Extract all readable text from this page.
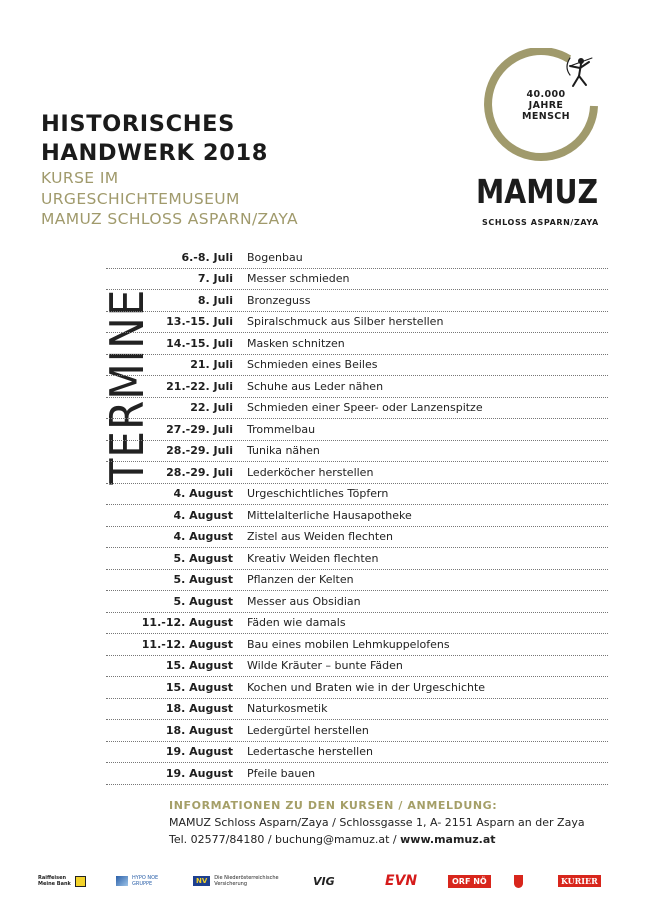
HISTORISCHES
HANDWERK 2018
KURSE IM
URGESCHICHTEMUSEUM
MAMUZ SCHLOSS ASPARN/ZAYA
40.000
JAHRE
MENSCH
MAMUZ
SCHLOSS ASPARN/ZAYA
TERMINE
6.-8. Juli Bogenbau
7. Juli Messer schmieden
8. Juli Bronzeguss
13.-15. Juli Spiralschmuck aus Silber herstellen
14.-15. Juli Masken schnitzen
21. Juli Schmieden eines Beiles
21.-22. Juli Schuhe aus Leder nähen
22. Juli Schmieden einer Speer- oder Lanzenspitze
27.-29. Juli Trommelbau
28.-29. Juli Tunika nähen
28.-29. Juli Lederköcher herstellen
4. August Urgeschichtliches Töpfern
4. August Mittelalterliche Hausapotheke
4. August Zistel aus Weiden flechten
5. August Kreativ Weiden flechten
5. August Pflanzen der Kelten
5. August Messer aus Obsidian
11.-12. August Fäden wie damals
11.-12. August Bau eines mobilen Lehmkuppelofens
15. August Wilde Kräuter – bunte Fäden
15. August Kochen und Braten wie in der Urgeschichte
18. August Naturkosmetik
18. August Ledergürtel herstellen
19. August Ledertasche herstellen
19. August Pfeile bauen
INFORMATIONEN ZU DEN KURSEN / ANMELDUNG:
MAMUZ Schloss Asparn/Zaya / Schlossgasse 1, A- 2151 Asparn an der Zaya
Tel. 02577/84180 / buchung@mamuz.at / www.mamuz.at
Raiffeisen
Meine Bank
HYPO NOE
GRUPPE	NV	Die Niederösterreichische
Versicherung	VIG	EVN	ORF NÖ	KURIER
